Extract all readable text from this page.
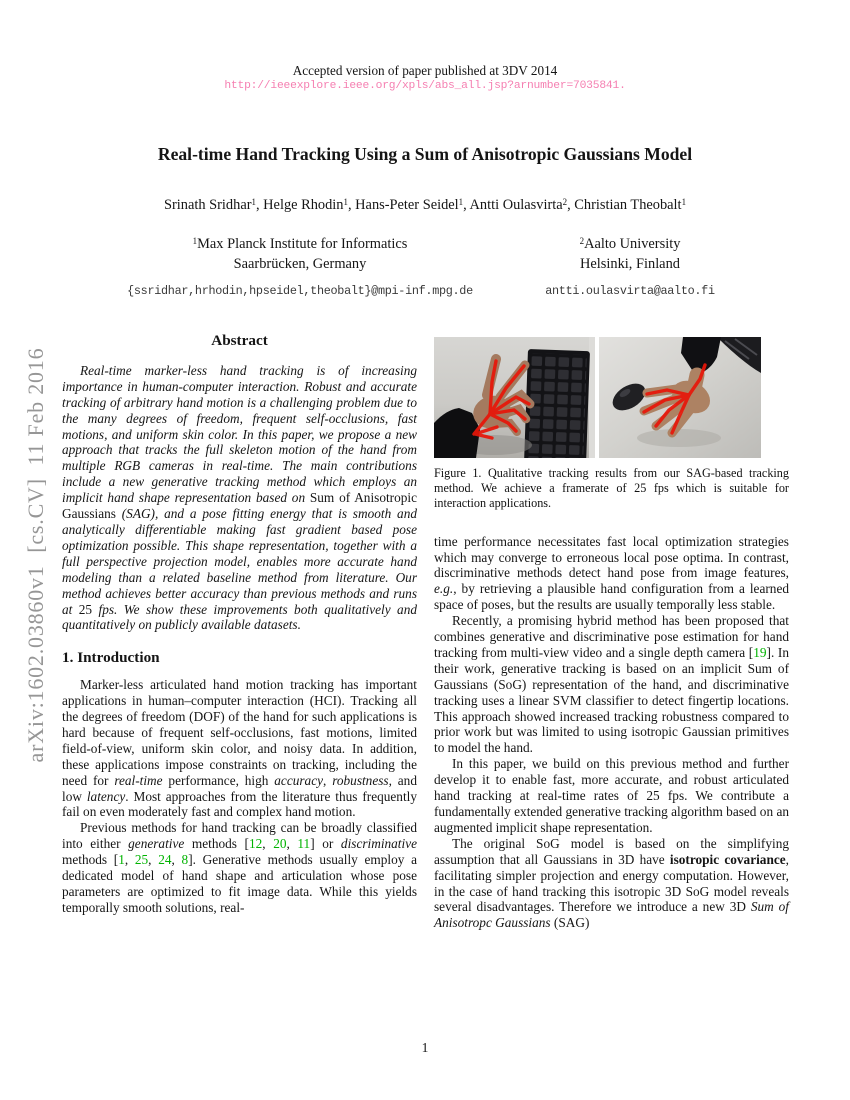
arXiv:1602.03860v1  [cs.CV]  11 Feb 2016
Accepted version of paper published at 3DV 2014
http://ieeexplore.ieee.org/xpls/abs_all.jsp?arnumber=7035841.
Real-time Hand Tracking Using a Sum of Anisotropic Gaussians Model
Srinath Sridhar$^1$, Helge Rhodin$^1$, Hans-Peter Seidel$^1$, Antti Oulasvirta$^2$, Christian Theobalt$^1$
$^1$Max Planck Institute for Informatics
Saarbrücken, Germany
{ssridhar,hrhodin,hpseidel,theobalt}@mpi-inf.mpg.de
$^2$Aalto University
Helsinki, Finland
antti.oulasvirta@aalto.fi
Abstract

Real-time marker-less hand tracking is of increasing importance in human-computer interaction. Robust and accurate tracking of arbitrary hand motion is a challenging problem due to the many degrees of freedom, frequent self-occlusions, fast motions, and uniform skin color. In this paper, we propose a new approach that tracks the full skeleton motion of the hand from multiple RGB cameras in real-time. The main contributions include a new generative tracking method which employs an implicit hand shape representation based on Sum of Anisotropic Gaussians (SAG), and a pose fitting energy that is smooth and analytically differentiable making fast gradient based pose optimization possible. This shape representation, together with a full perspective projection model, enables more accurate hand modeling than a related baseline method from literature. Our method achieves better accuracy than previous methods and runs at 25 fps. We show these improvements both qualitatively and quantitatively on publicly available datasets.

1. Introduction

Marker-less articulated hand motion tracking has important applications in human–computer interaction (HCI). Tracking all the degrees of freedom (DOF) of the hand for such applications is hard because of frequent self-occlusions, fast motions, limited field-of-view, uniform skin color, and noisy data. In addition, these applications impose constraints on tracking, including the need for real-time performance, high accuracy, robustness, and low latency. Most approaches from the literature thus frequently fail on even moderately fast and complex hand motion.

Previous methods for hand tracking can be broadly classified into either generative methods [12, 20, 11] or discriminative methods [1, 25, 24, 8]. Generative methods usually employ a dedicated model of hand shape and articulation whose pose parameters are optimized to fit image data. While this yields temporally smooth solutions, real-

Figure 1. Qualitative tracking results from our SAG-based tracking method. We achieve a framerate of 25 fps which is suitable for interaction applications.

time performance necessitates fast local optimization strategies which may converge to erroneous local pose optima. In contrast, discriminative methods detect hand pose from image features, e.g., by retrieving a plausible hand configuration from a learned space of poses, but the results are usually temporally less stable.

Recently, a promising hybrid method has been proposed that combines generative and discriminative pose estimation for hand tracking from multi-view video and a single depth camera [19]. In their work, generative tracking is based on an implicit Sum of Gaussians (SoG) representation of the hand, and discriminative tracking uses a linear SVM classifier to detect fingertip locations. This approach showed increased tracking robustness compared to prior work but was limited to using isotropic Gaussian primitives to model the hand.

In this paper, we build on this previous method and further develop it to enable fast, more accurate, and robust articulated hand tracking at real-time rates of 25 fps. We contribute a fundamentally extended generative tracking algorithm based on an augmented implicit shape representation.

The original SoG model is based on the simplifying assumption that all Gaussians in 3D have isotropic covariance, facilitating simpler projection and energy computation. However, in the case of hand tracking this isotropic 3D SoG model reveals several disadvantages. Therefore we introduce a new 3D Sum of Anisotropc Gaussians (SAG)

1
